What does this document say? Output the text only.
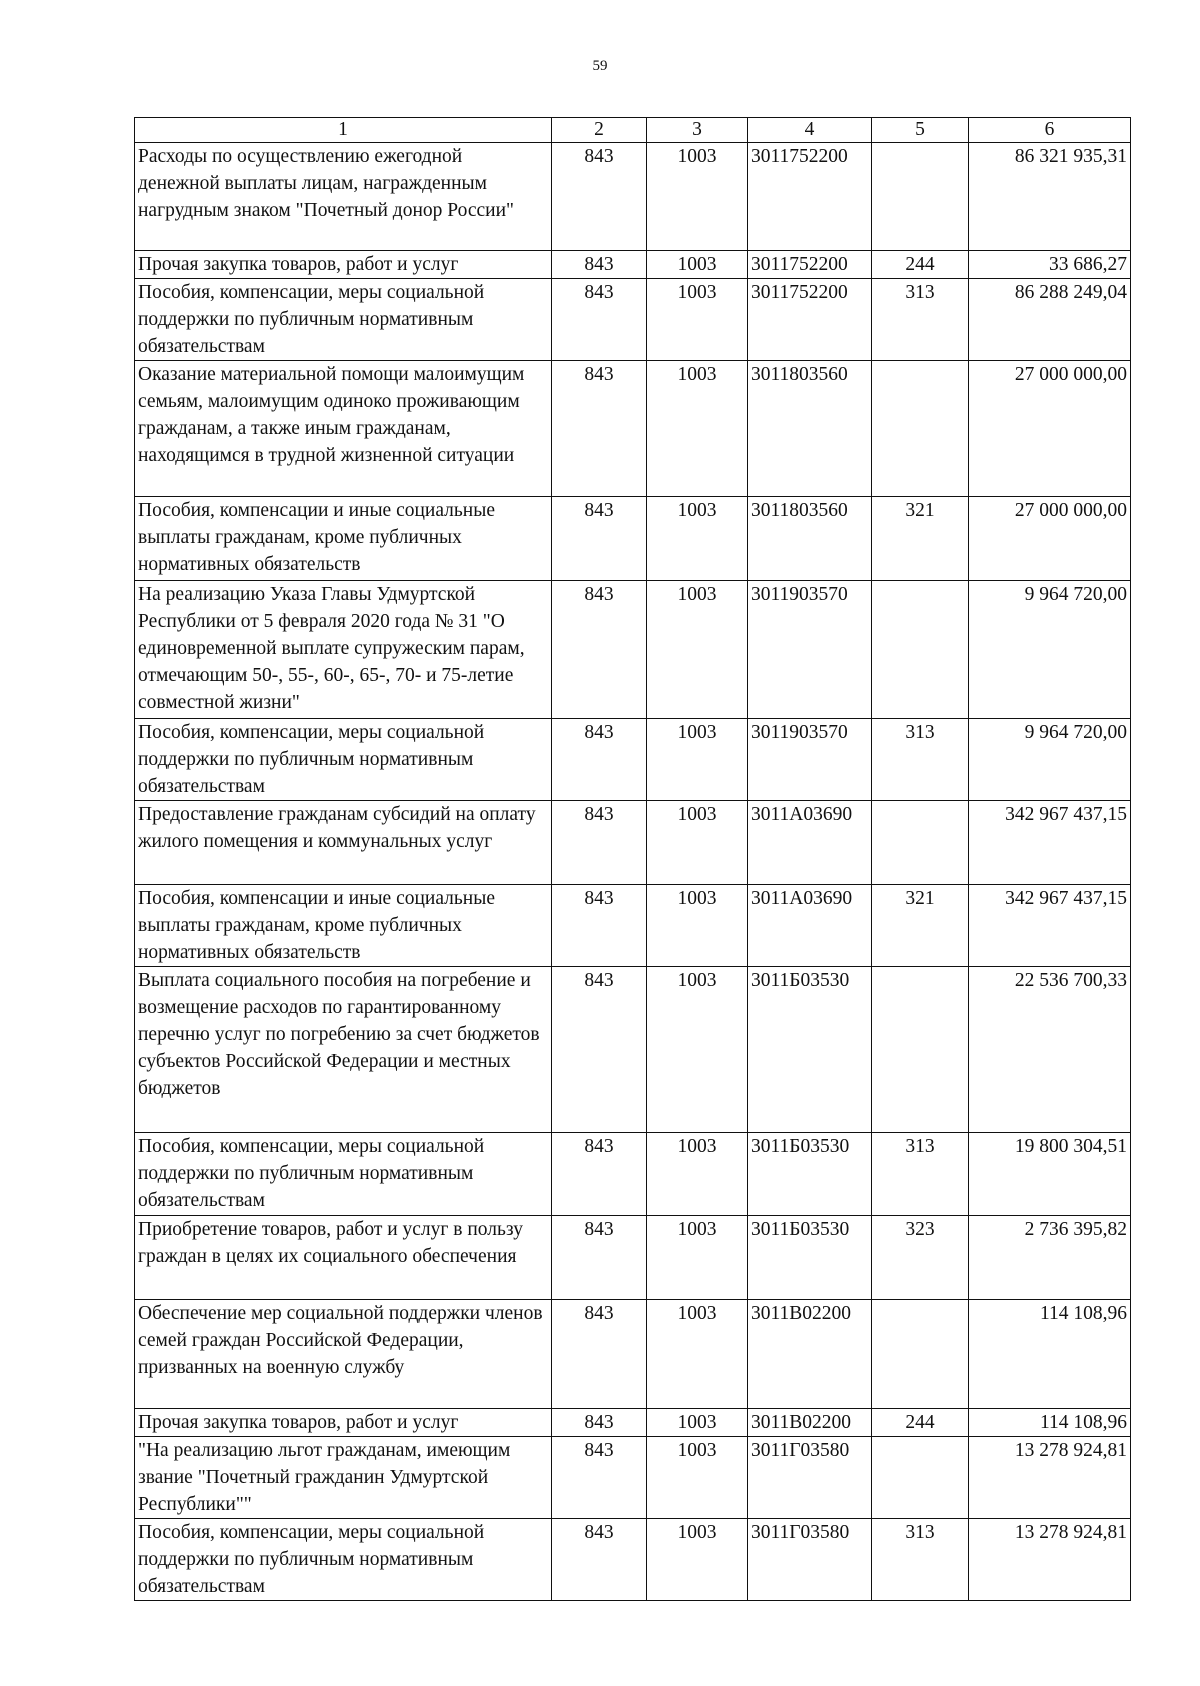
59
1	2	3	4	5	6
Расходы по осуществлению ежегодной денежной выплаты лицам, награжденным нагрудным знаком "Почетный донор России"	843	1003	3011752200		86 321 935,31
Прочая закупка товаров, работ и услуг	843	1003	3011752200	244	33 686,27
Пособия, компенсации, меры социальной поддержки по публичным нормативным обязательствам	843	1003	3011752200	313	86 288 249,04
Оказание материальной помощи малоимущим семьям, малоимущим одиноко проживающим гражданам, а также иным гражданам, находящимся в трудной жизненной ситуации	843	1003	3011803560		27 000 000,00
Пособия, компенсации и иные социальные выплаты гражданам, кроме публичных нормативных обязательств	843	1003	3011803560	321	27 000 000,00
На реализацию Указа Главы Удмуртской Республики от 5 февраля 2020 года № 31 "О единовременной выплате супружеским парам, отмечающим 50-, 55-, 60-, 65-, 70- и 75-летие совместной жизни"	843	1003	3011903570		9 964 720,00
Пособия, компенсации, меры социальной поддержки по публичным нормативным обязательствам	843	1003	3011903570	313	9 964 720,00
Предоставление гражданам субсидий на оплату жилого помещения и коммунальных услуг	843	1003	3011А03690		342 967 437,15
Пособия, компенсации и иные социальные выплаты гражданам, кроме публичных нормативных обязательств	843	1003	3011А03690	321	342 967 437,15
Выплата социального пособия на погребение и возмещение расходов по гарантированному перечню услуг по погребению за счет бюджетов субъектов Российской Федерации и местных бюджетов	843	1003	3011Б03530		22 536 700,33
Пособия, компенсации, меры социальной поддержки по публичным нормативным обязательствам	843	1003	3011Б03530	313	19 800 304,51
Приобретение товаров, работ и услуг в пользу граждан в целях их социального обеспечения	843	1003	3011Б03530	323	2 736 395,82
Обеспечение мер социальной поддержки членов семей граждан Российской Федерации, призванных на военную службу	843	1003	3011В02200		114 108,96
Прочая закупка товаров, работ и услуг	843	1003	3011В02200	244	114 108,96
"На реализацию льгот гражданам, имеющим звание "Почетный гражданин Удмуртской Республики""	843	1003	3011Г03580		13 278 924,81
Пособия, компенсации, меры социальной поддержки по публичным нормативным обязательствам	843	1003	3011Г03580	313	13 278 924,81
